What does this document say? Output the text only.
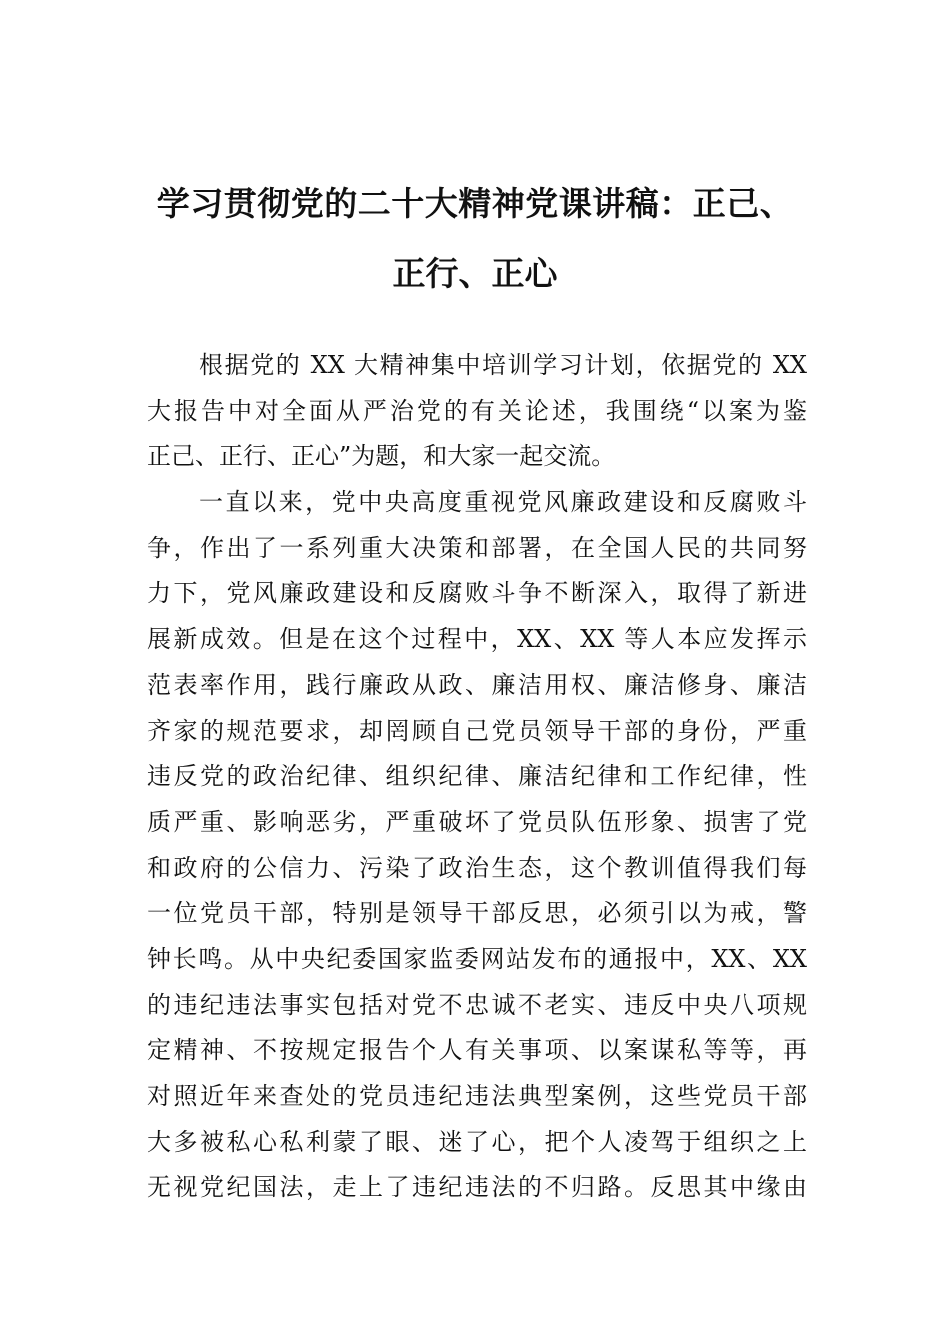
学习贯彻党的二十大精神党课讲稿：正己、
正行、正心
根据党的 XX 大精神集中培训学习计划，依据党的 XX
大报告中对全面从严治党的有关论述，我围绕“以案为鉴
正己、正行、正心”为题，和大家一起交流。
一直以来，党中央高度重视党风廉政建设和反腐败斗
争，作出了一系列重大决策和部署，在全国人民的共同努
力下，党风廉政建设和反腐败斗争不断深入，取得了新进
展新成效。但是在这个过程中，XX、XX 等人本应发挥示
范表率作用，践行廉政从政、廉洁用权、廉洁修身、廉洁
齐家的规范要求，却罔顾自己党员领导干部的身份，严重
违反党的政治纪律、组织纪律、廉洁纪律和工作纪律，性
质严重、影响恶劣，严重破坏了党员队伍形象、损害了党
和政府的公信力、污染了政治生态，这个教训值得我们每
一位党员干部，特别是领导干部反思，必须引以为戒，警
钟长鸣。从中央纪委国家监委网站发布的通报中，XX、XX
的违纪违法事实包括对党不忠诚不老实、违反中央八项规
定精神、不按规定报告个人有关事项、以案谋私等等，再
对照近年来查处的党员违纪违法典型案例，这些党员干部
大多被私心私利蒙了眼、迷了心，把个人凌驾于组织之上
无视党纪国法，走上了违纪违法的不归路。反思其中缘由
